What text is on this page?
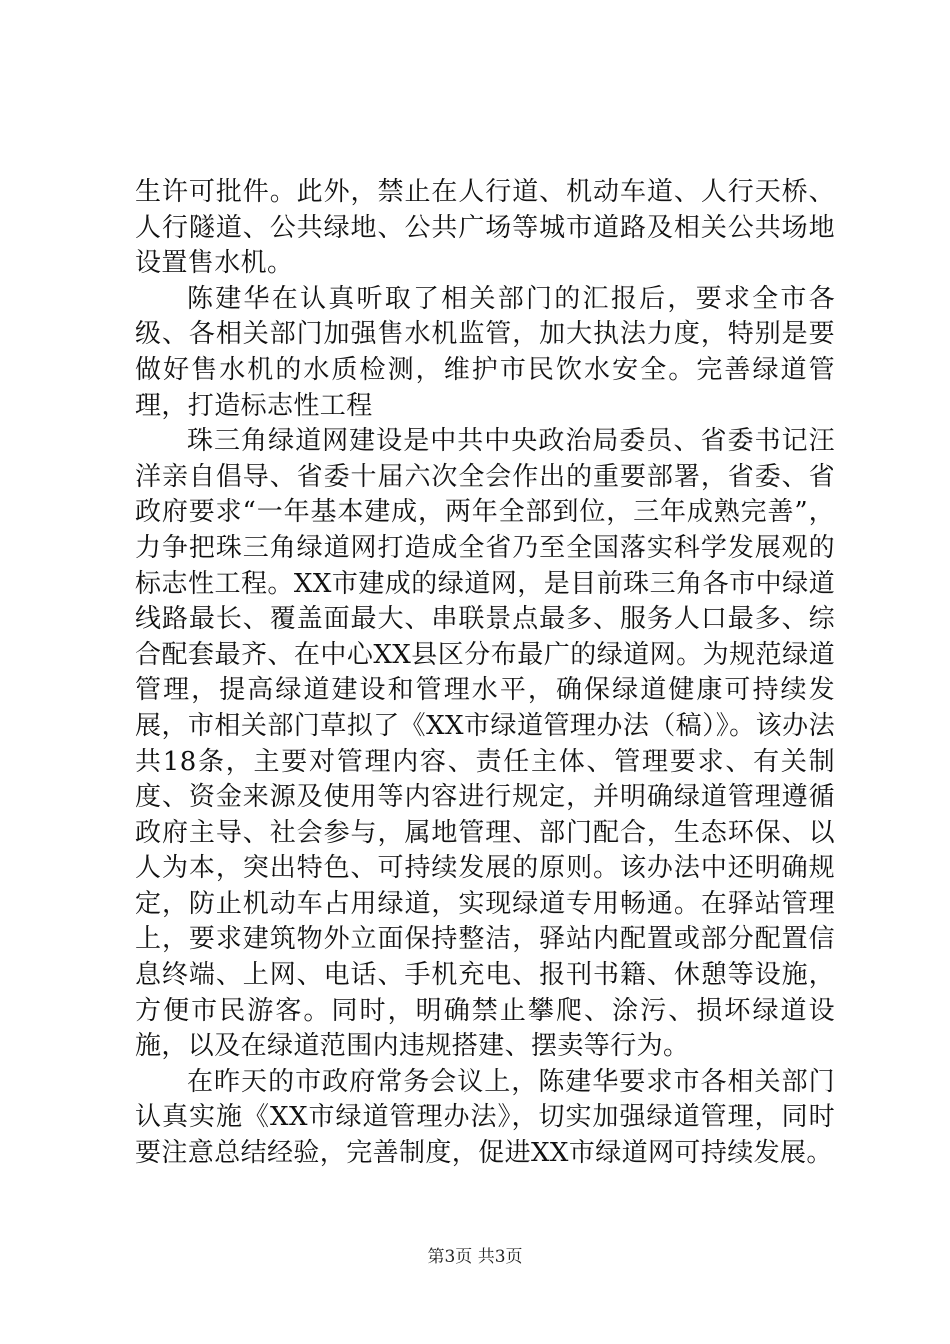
生许可批件。此外，禁止在人行道、机动车道、人行天桥、人行隧道、公共绿地、公共广场等城市道路及相关公共场地设置售水机。

陈建华在认真听取了相关部门的汇报后，要求全市各级、各相关部门加强售水机监管，加大执法力度，特别是要做好售水机的水质检测，维护市民饮水安全。完善绿道管理，打造标志性工程

珠三角绿道网建设是中共中央政治局委员、省委书记汪洋亲自倡导、省委十届六次全会作出的重要部署，省委、省政府要求“一年基本建成，两年全部到位，三年成熟完善”，力争把珠三角绿道网打造成全省乃至全国落实科学发展观的标志性工程。XX市建成的绿道网，是目前珠三角各市中绿道线路最长、覆盖面最大、串联景点最多、服务人口最多、综合配套最齐、在中心XX县区分布最广的绿道网。为规范绿道管理，提高绿道建设和管理水平，确保绿道健康可持续发展，市相关部门草拟了《XX市绿道管理办法（稿）》。该办法共18条，主要对管理内容、责任主体、管理要求、有关制度、资金来源及使用等内容进行规定，并明确绿道管理遵循政府主导、社会参与，属地管理、部门配合，生态环保、以人为本，突出特色、可持续发展的原则。该办法中还明确规定，防止机动车占用绿道，实现绿道专用畅通。在驿站管理上，要求建筑物外立面保持整洁，驿站内配置或部分配置信息终端、上网、电话、手机充电、报刊书籍、休憩等设施，方便市民游客。同时，明确禁止攀爬、涂污、损坏绿道设施，以及在绿道范围内违规搭建、摆卖等行为。

在昨天的市政府常务会议上，陈建华要求市各相关部门认真实施《XX市绿道管理办法》，切实加强绿道管理，同时要注意总结经验，完善制度，促进XX市绿道网可持续发展。

第3页 共3页
